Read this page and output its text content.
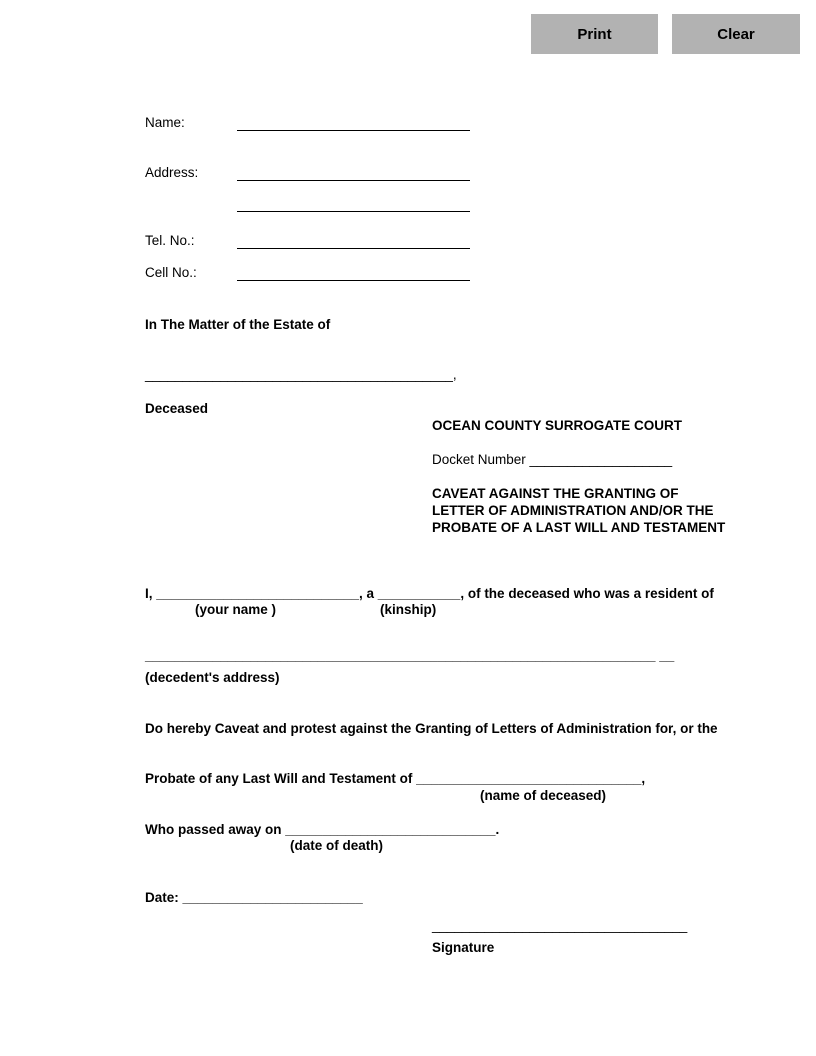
Print	Clear
Name:
Address:
Tel. No.:
Cell No.:
In The Matter of the Estate of
_________________________________________,
Deceased
OCEAN COUNTY SURROGATE COURT
Docket Number ___________________
CAVEAT AGAINST THE GRANTING OF LETTER OF ADMINISTRATION AND/OR THE PROBATE OF A LAST WILL AND TESTAMENT
I, ___________________________, a ___________, of the deceased who was a resident of
(your name )	(kinship)
____________________________________________________________________ __
(decedent's address)
Do hereby Caveat and protest against the Granting of Letters of Administration for, or the
Probate of any Last Will and Testament of ______________________________,
(name of deceased)
Who passed away on ____________________________.
(date of death)
Date: ________________________
__________________________________
Signature
